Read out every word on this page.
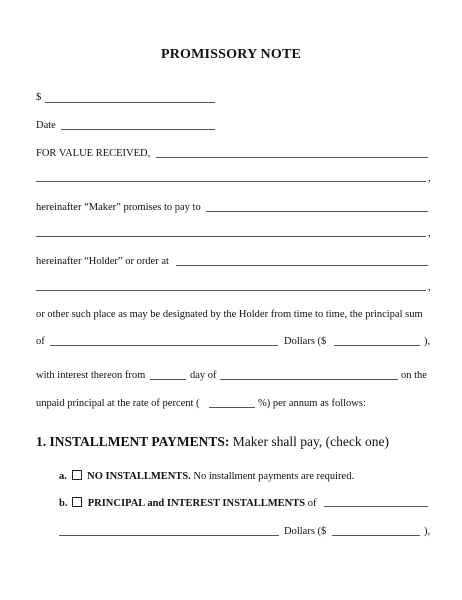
PROMISSORY NOTE
$
Date
FOR VALUE RECEIVED,
,
hereinafter “Maker” promises to pay to
,
hereinafter “Holder” or order at
,
or other such place as may be designated by the Holder from time to time, the principal sum
of	Dollars ($	),
with interest thereon from	day of	on the
unpaid principal at the rate of percent (	%) per annum as follows:
1. INSTALLMENT PAYMENTS: Maker shall pay, (check one)
a. NO INSTALLMENTS. No installment payments are required.
b. PRINCIPAL and INTEREST INSTALLMENTS of
Dollars ($	),
